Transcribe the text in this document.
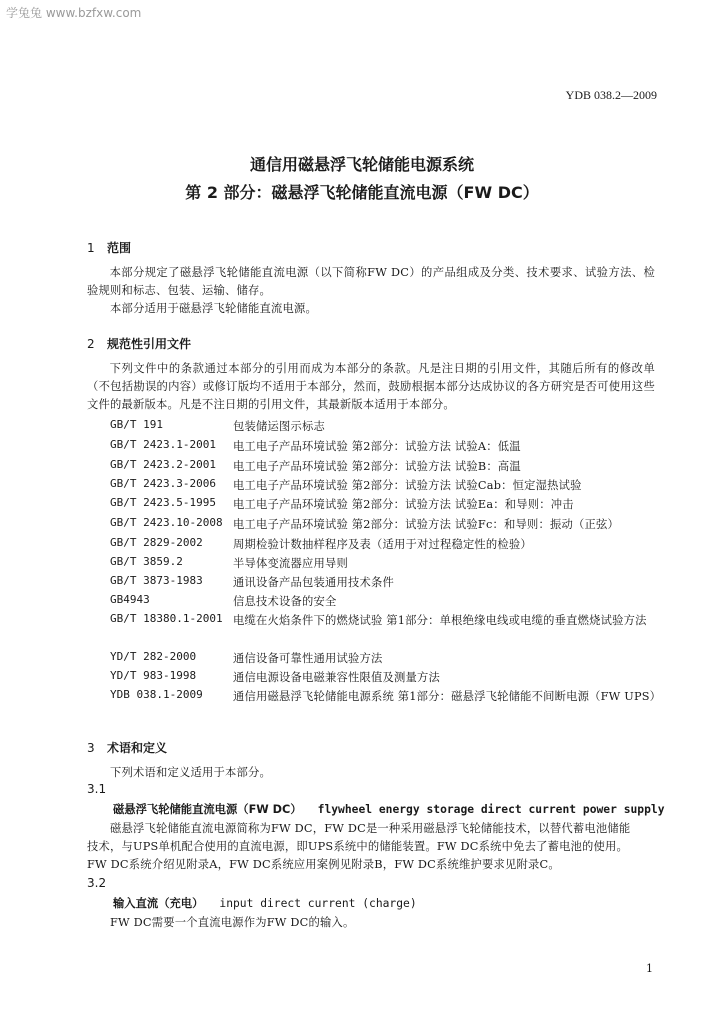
学兔兔 www.bzfxw.com
YDB 038.2—2009
通信用磁悬浮飞轮储能电源系统
第 2 部分：磁悬浮飞轮储能直流电源（FW DC）
1 范围
本部分规定了磁悬浮飞轮储能直流电源（以下简称FW DC）的产品组成及分类、技术要求、试验方法、检验规则和标志、包装、运输、储存。
本部分适用于磁悬浮飞轮储能直流电源。
2 规范性引用文件
下列文件中的条款通过本部分的引用而成为本部分的条款。凡是注日期的引用文件，其随后所有的修改单（不包括勘误的内容）或修订版均不适用于本部分，然而，鼓励根据本部分达成协议的各方研究是否可使用这些文件的最新版本。凡是不注日期的引用文件，其最新版本适用于本部分。
GB/T 191	包装储运图示标志
GB/T 2423.1-2001 电工电子产品环境试验 第2部分：试验方法 试验A：低温
GB/T 2423.2-2001 电工电子产品环境试验 第2部分：试验方法 试验B：高温
GB/T 2423.3-2006 电工电子产品环境试验 第2部分：试验方法 试验Cab：恒定湿热试验
GB/T 2423.5-1995 电工电子产品环境试验 第2部分：试验方法 试验Ea：和导则：冲击
GB/T 2423.10-2008 电工电子产品环境试验 第2部分：试验方法 试验Fc：和导则：振动（正弦）
GB/T 2829-2002	周期检验计数抽样程序及表（适用于对过程稳定性的检验）
GB/T 3859.2	半导体变流器应用导则
GB/T 3873-1983	通讯设备产品包装通用技术条件
GB4943	信息技术设备的安全
GB/T 18380.1-2001 电缆在火焰条件下的燃烧试验 第1部分：单根绝缘电线或电缆的垂直燃烧试验方法
YD/T 282-2000	通信设备可靠性通用试验方法
YD/T 983-1998	通信电源设备电磁兼容性限值及测量方法
YDB 038.1-2009	通信用磁悬浮飞轮储能电源系统 第1部分：磁悬浮飞轮储能不间断电源（FW UPS）
3 术语和定义
下列术语和定义适用于本部分。
3.1
磁悬浮飞轮储能直流电源（FW DC） flywheel energy storage direct current power supply
磁悬浮飞轮储能直流电源简称为FW DC，FW DC是一种采用磁悬浮飞轮储能技术，以替代蓄电池储能
技术，与UPS单机配合使用的直流电源，即UPS系统中的储能装置。FW DC系统中免去了蓄电池的使用。
FW DC系统介绍见附录A，FW DC系统应用案例见附录B，FW DC系统维护要求见附录C。
3.2
输入直流（充电） input direct current (charge)
FW DC需要一个直流电源作为FW DC的输入。
1
